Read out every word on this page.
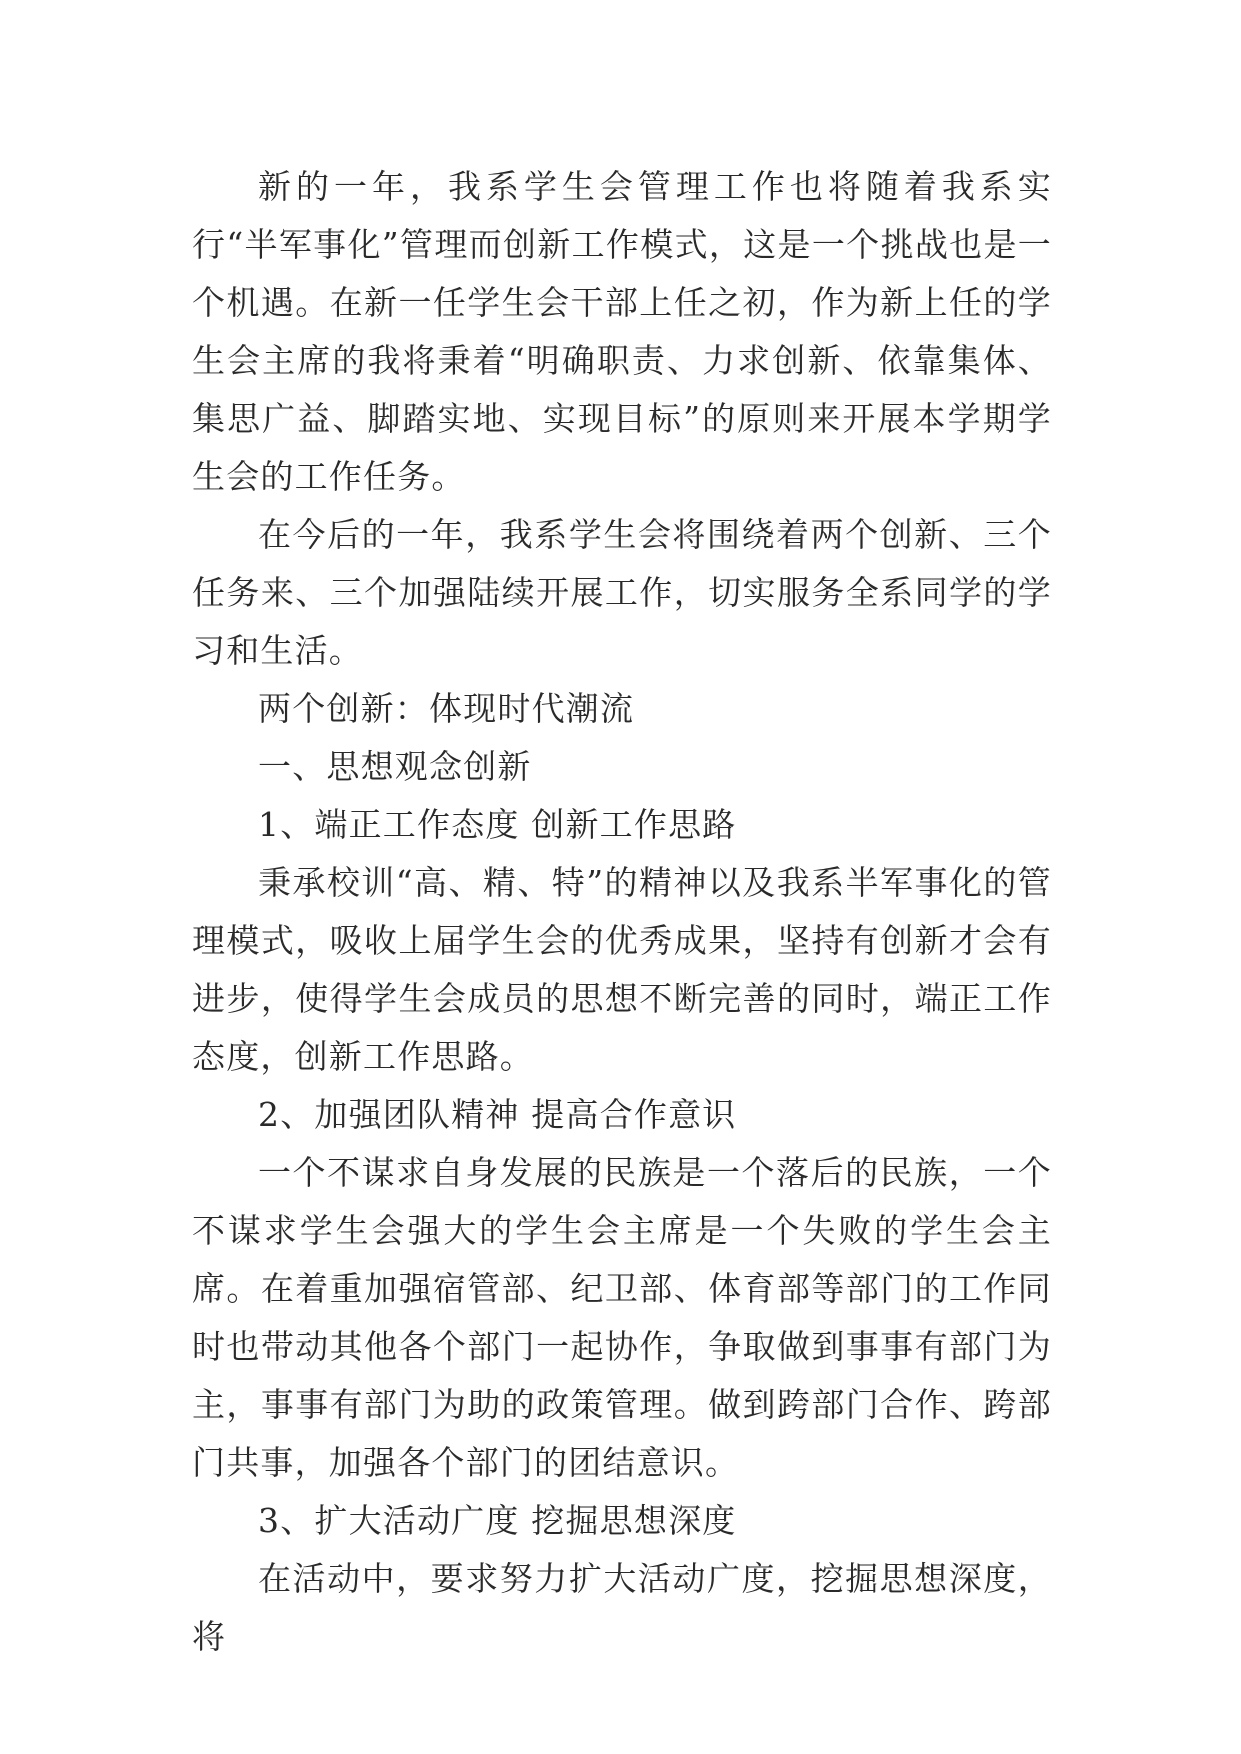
新的一年，我系学生会管理工作也将随着我系实行“半军事化”管理而创新工作模式，这是一个挑战也是一个机遇。在新一任学生会干部上任之初，作为新上任的学生会主席的我将秉着“明确职责、力求创新、依靠集体、集思广益、脚踏实地、实现目标”的原则来开展本学期学生会的工作任务。

在今后的一年，我系学生会将围绕着两个创新、三个任务来、三个加强陆续开展工作，切实服务全系同学的学习和生活。

两个创新：体现时代潮流

一、思想观念创新

1、端正工作态度 创新工作思路

秉承校训“高、精、特”的精神以及我系半军事化的管理模式，吸收上届学生会的优秀成果，坚持有创新才会有进步，使得学生会成员的思想不断完善的同时，端正工作态度，创新工作思路。

2、加强团队精神 提高合作意识

一个不谋求自身发展的民族是一个落后的民族，一个不谋求学生会强大的学生会主席是一个失败的学生会主席。在着重加强宿管部、纪卫部、体育部等部门的工作同时也带动其他各个部门一起协作，争取做到事事有部门为主，事事有部门为助的政策管理。做到跨部门合作、跨部门共事，加强各个部门的团结意识。

3、扩大活动广度 挖掘思想深度

在活动中，要求努力扩大活动广度，挖掘思想深度，将
